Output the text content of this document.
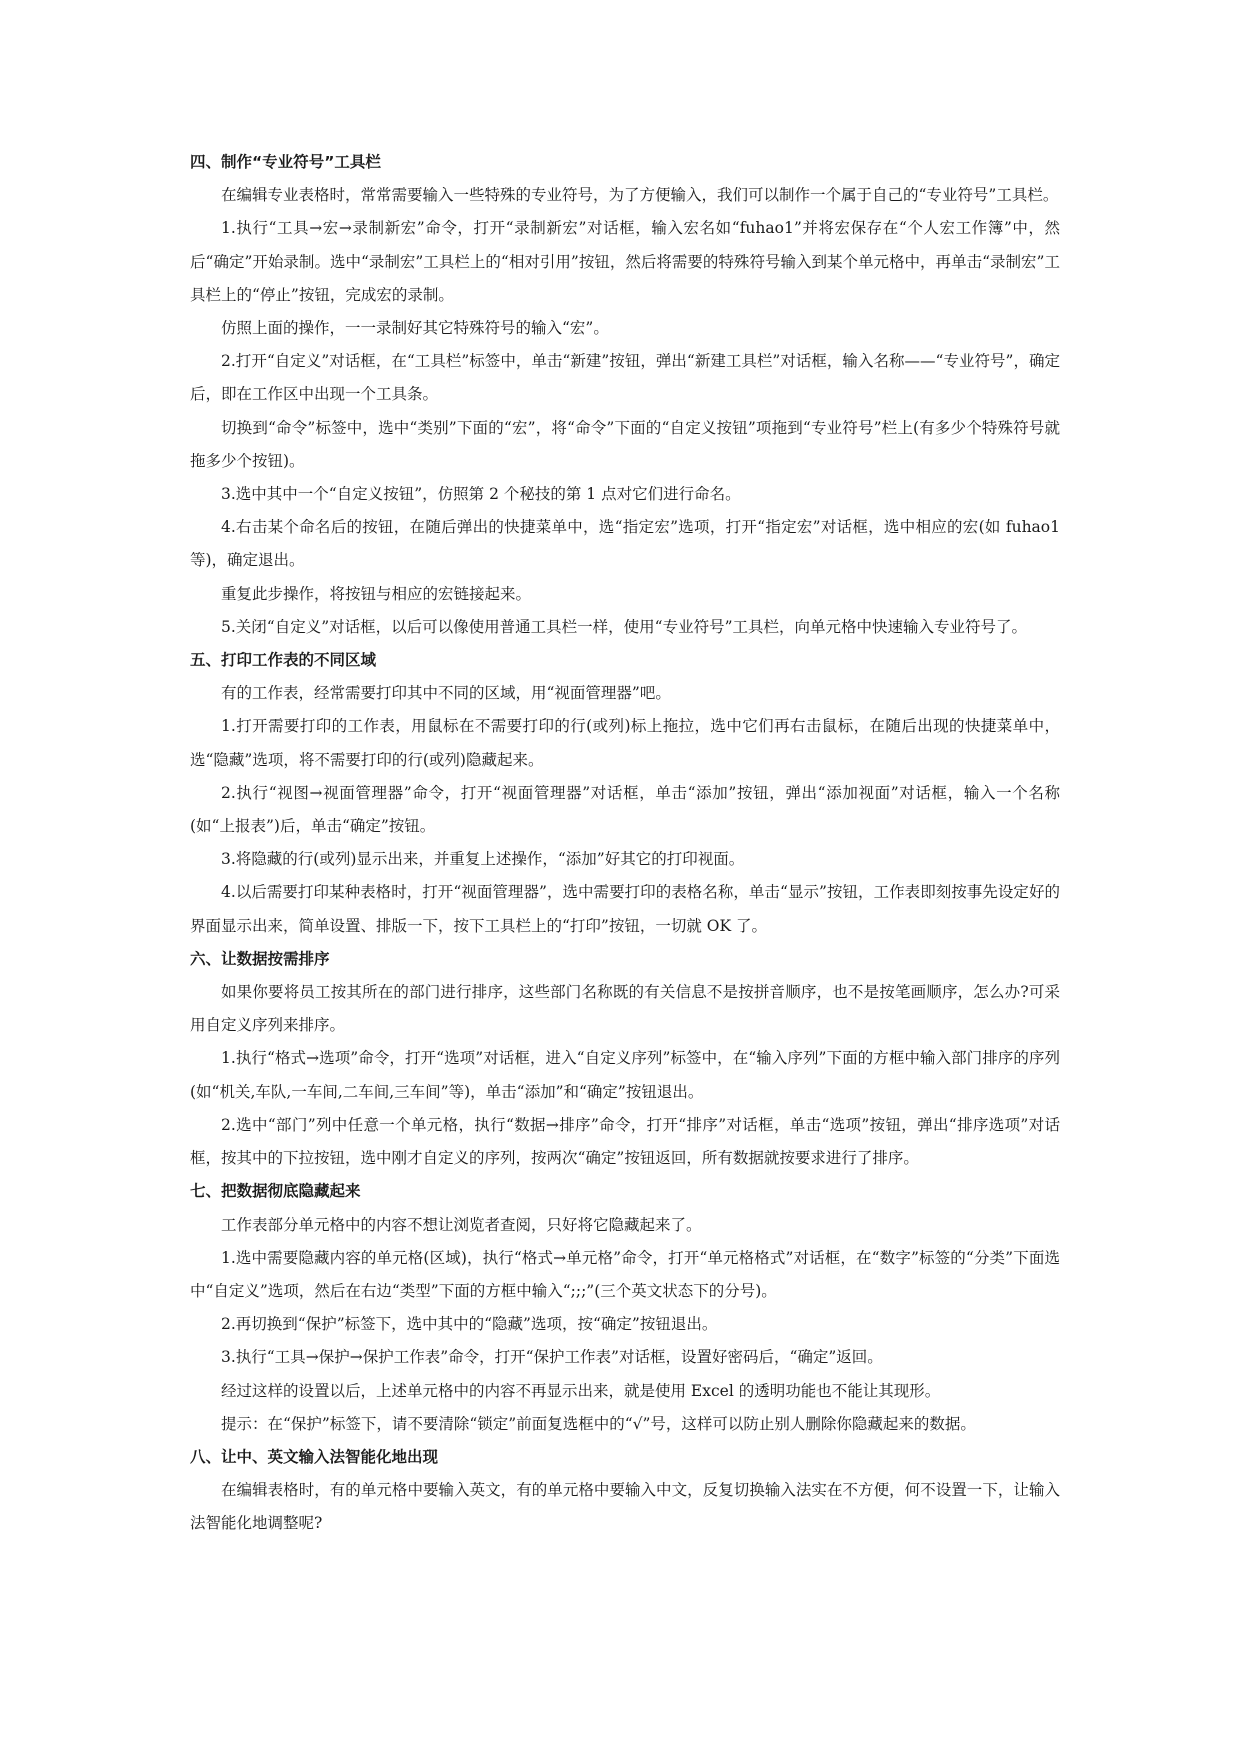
四、制作“专业符号”工具栏

在编辑专业表格时，常常需要输入一些特殊的专业符号，为了方便输入，我们可以制作一个属于自己的“专业符号”工具栏。

1.执行“工具→宏→录制新宏”命令，打开“录制新宏”对话框，输入宏名如“fuhao1”并将宏保存在“个人宏工作簿”中，然后“确定”开始录制。选中“录制宏”工具栏上的“相对引用”按钮，然后将需要的特殊符号输入到某个单元格中，再单击“录制宏”工具栏上的“停止”按钮，完成宏的录制。

仿照上面的操作，一一录制好其它特殊符号的输入“宏”。

2.打开“自定义”对话框，在“工具栏”标签中，单击“新建”按钮，弹出“新建工具栏”对话框，输入名称——“专业符号”，确定后，即在工作区中出现一个工具条。

切换到“命令”标签中，选中“类别”下面的“宏”，将“命令”下面的“自定义按钮”项拖到“专业符号”栏上(有多少个特殊符号就拖多少个按钮)。

3.选中其中一个“自定义按钮”，仿照第 2 个秘技的第 1 点对它们进行命名。

4.右击某个命名后的按钮，在随后弹出的快捷菜单中，选“指定宏”选项，打开“指定宏”对话框，选中相应的宏(如 fuhao1 等)，确定退出。

重复此步操作，将按钮与相应的宏链接起来。

5.关闭“自定义”对话框，以后可以像使用普通工具栏一样，使用“专业符号”工具栏，向单元格中快速输入专业符号了。

五、打印工作表的不同区域

有的工作表，经常需要打印其中不同的区域，用“视面管理器”吧。

1.打开需要打印的工作表，用鼠标在不需要打印的行(或列)标上拖拉，选中它们再右击鼠标，在随后出现的快捷菜单中，选“隐藏”选项，将不需要打印的行(或列)隐藏起来。

2.执行“视图→视面管理器”命令，打开“视面管理器”对话框，单击“添加”按钮，弹出“添加视面”对话框，输入一个名称(如“上报表”)后，单击“确定”按钮。

3.将隐藏的行(或列)显示出来，并重复上述操作，“添加”好其它的打印视面。

4.以后需要打印某种表格时，打开“视面管理器”，选中需要打印的表格名称，单击“显示”按钮，工作表即刻按事先设定好的界面显示出来，简单设置、排版一下，按下工具栏上的“打印”按钮，一切就 OK 了。

六、让数据按需排序

如果你要将员工按其所在的部门进行排序，这些部门名称既的有关信息不是按拼音顺序，也不是按笔画顺序，怎么办?可采用自定义序列来排序。

1.执行“格式→选项”命令，打开“选项”对话框，进入“自定义序列”标签中，在“输入序列”下面的方框中输入部门排序的序列(如“机关,车队,一车间,二车间,三车间”等)，单击“添加”和“确定”按钮退出。

2.选中“部门”列中任意一个单元格，执行“数据→排序”命令，打开“排序”对话框，单击“选项”按钮，弹出“排序选项”对话框，按其中的下拉按钮，选中刚才自定义的序列，按两次“确定”按钮返回，所有数据就按要求进行了排序。

七、把数据彻底隐藏起来

工作表部分单元格中的内容不想让浏览者查阅，只好将它隐藏起来了。

1.选中需要隐藏内容的单元格(区域)，执行“格式→单元格”命令，打开“单元格格式”对话框，在“数字”标签的“分类”下面选中“自定义”选项，然后在右边“类型”下面的方框中输入“;;;”(三个英文状态下的分号)。

2.再切换到“保护”标签下，选中其中的“隐藏”选项，按“确定”按钮退出。

3.执行“工具→保护→保护工作表”命令，打开“保护工作表”对话框，设置好密码后，“确定”返回。

经过这样的设置以后，上述单元格中的内容不再显示出来，就是使用 Excel 的透明功能也不能让其现形。

提示：在“保护”标签下，请不要清除“锁定”前面复选框中的“√”号，这样可以防止别人删除你隐藏起来的数据。

八、让中、英文输入法智能化地出现

在编辑表格时，有的单元格中要输入英文，有的单元格中要输入中文，反复切换输入法实在不方便，何不设置一下，让输入法智能化地调整呢?
